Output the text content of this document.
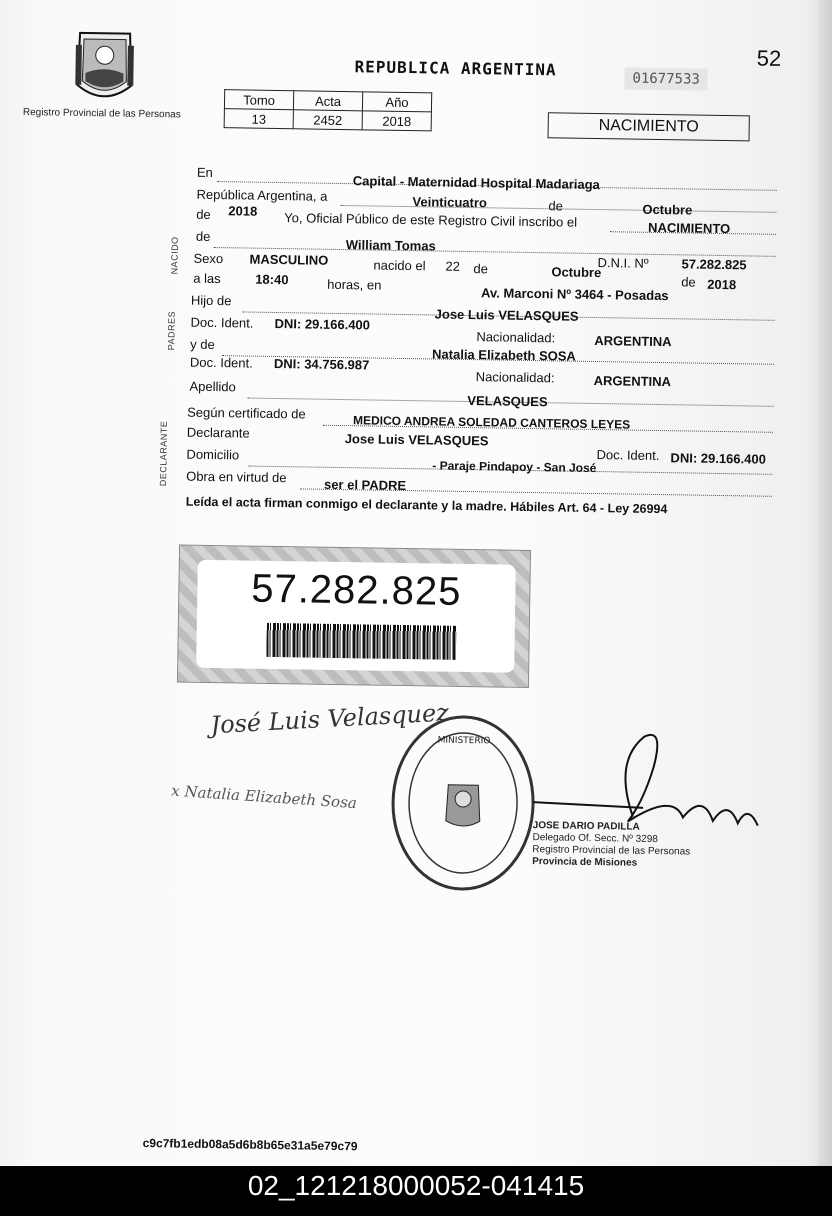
Registro Provincial de las Personas
REPUBLICA ARGENTINA	01677533
52
Tomo	Acta	Año
13	2452	2018	NACIMIENTO
NACIDO
PADRES
DECLARANTE
En
Capital - Maternidad Hospital Madariaga
República Argentina, a	Veinticuatro	de	Octubre
de 2018 Yo, Oficial Público de este Registro Civil inscribo el	NACIMIENTO
de
William Tomas
Sexo MASCULINO	nacido el 22 de	Octubre
D.N.I. Nº	57.282.825
a las	18:40	horas, en
Av. Marconi Nº 3464 - Posadas
de 2018
Hijo de
Jose Luis VELASQUES
Doc. Ident. DNI: 29.166.400
Nacionalidad:	ARGENTINA
y de
Natalia Elizabeth SOSA
Doc. Ident. DNI: 34.756.987
Nacionalidad:	ARGENTINA
Apellido
VELASQUES
Según certificado de
MEDICO ANDREA SOLEDAD CANTEROS LEYES
Declarante	Jose Luis VELASQUES
Doc. Ident. DNI: 29.166.400
Domicilio
- Paraje Pindapoy - San José
Obra en virtud de	ser el PADRE
Leída el acta firman conmigo el declarante y la madre. Hábiles Art. 64 - Ley 26994
57.282.825
José Luis Velasquez
x Natalia Elizabeth Sosa
MINISTERIO
JOSE DARIO PADILLA
Delegado Of. Secc. Nº 3298
Registro Provincial de las Personas
Provincia de Misiones
c9c7fb1edb08a5d6b8b65e31a5e79c79
02_121218000052-041415
